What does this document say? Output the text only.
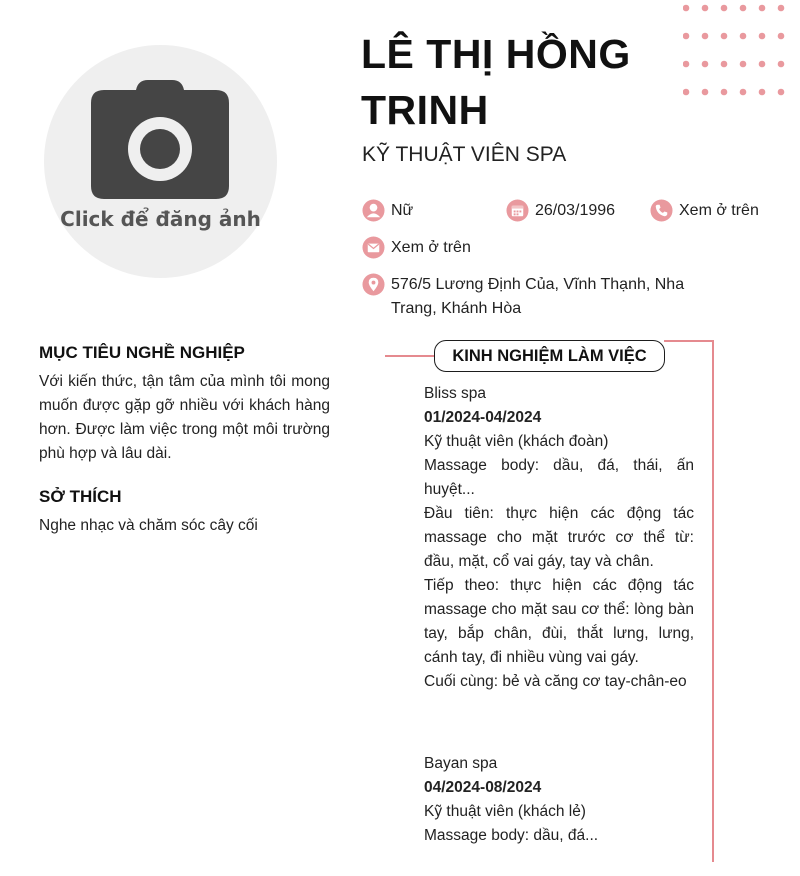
Click để đăng ảnh
LÊ THỊ HỒNG TRINH
KỸ THUẬT VIÊN SPA
Nữ	26/03/1996	Xem ở trên
Xem ở trên
576/5 Lương Định Của, Vĩnh Thạnh, Nha Trang, Khánh Hòa
MỤC TIÊU NGHỀ NGHIỆP
Với kiến thức, tận tâm của mình tôi mong muốn được gặp gỡ nhiều với khách hàng hơn. Được làm việc trong một môi trường phù hợp và lâu dài.
SỞ THÍCH
Nghe nhạc và chăm sóc cây cối
KINH NGHIỆM LÀM VIỆC
Bliss spa
01/2024-04/2024
Kỹ thuật viên (khách đoàn)
Massage body: dầu, đá, thái, ấn huyệt...
Đầu tiên: thực hiện các động tác massage cho mặt trước cơ thể từ: đầu, mặt, cổ vai gáy, tay và chân.
Tiếp theo: thực hiện các động tác massage cho mặt sau cơ thể: lòng bàn tay, bắp chân, đùi, thắt lưng, lưng, cánh tay, đi nhiều vùng vai gáy.
Cuối cùng: bẻ và căng cơ tay-chân-eo
Bayan spa
04/2024-08/2024
Kỹ thuật viên (khách lẻ)
Massage body: dầu, đá...
